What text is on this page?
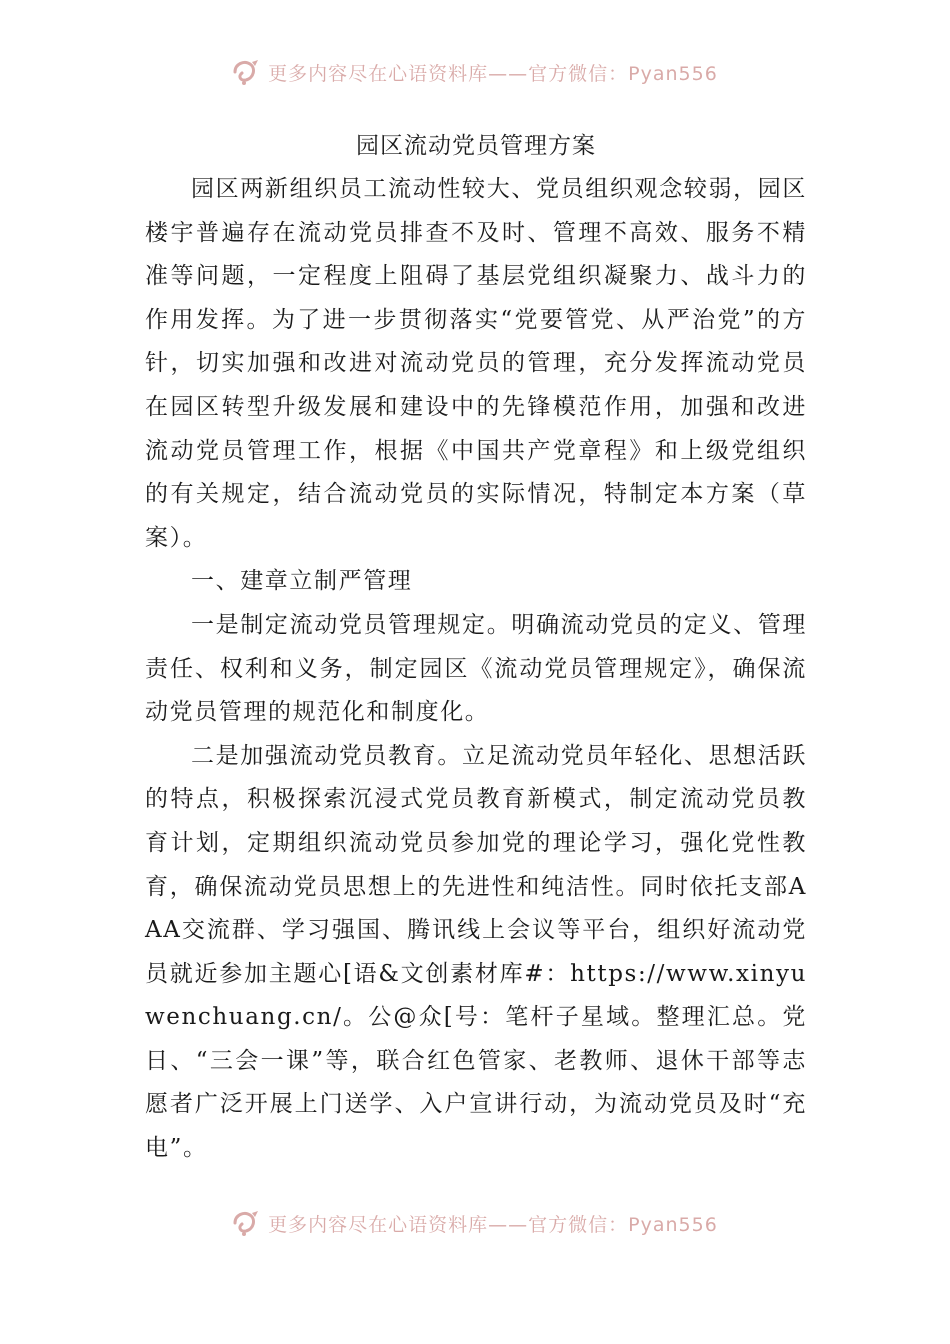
更多内容尽在心语资料库——官方微信：Pyan556
园区流动党员管理方案

园区两新组织员工流动性较大、党员组织观念较弱，园区楼宇普遍存在流动党员排查不及时、管理不高效、服务不精准等问题，一定程度上阻碍了基层党组织凝聚力、战斗力的作用发挥。为了进一步贯彻落实“党要管党、从严治党”的方针，切实加强和改进对流动党员的管理，充分发挥流动党员在园区转型升级发展和建设中的先锋模范作用，加强和改进流动党员管理工作，根据《中国共产党章程》和上级党组织的有关规定，结合流动党员的实际情况，特制定本方案（草案）。

一、建章立制严管理

一是制定流动党员管理规定。明确流动党员的定义、管理责任、权利和义务，制定园区《流动党员管理规定》，确保流动党员管理的规范化和制度化。

二是加强流动党员教育。立足流动党员年轻化、思想活跃的特点，积极探索沉浸式党员教育新模式，制定流动党员教育计划，定期组织流动党员参加党的理论学习，强化党性教育，确保流动党员思想上的先进性和纯洁性。同时依托支部AAA交流群、学习强国、腾讯线上会议等平台，组织好流动党员就近参加主题心[语&文创素材库#：https://www.xinyuwenchuang.cn/。公@众[号：笔杆子星域。整理汇总。党日、“三会一课”等，联合红色管家、老教师、退休干部等志愿者广泛开展上门送学、入户宣讲行动，为流动党员及时“充电”。

更多内容尽在心语资料库——官方微信：Pyan556
